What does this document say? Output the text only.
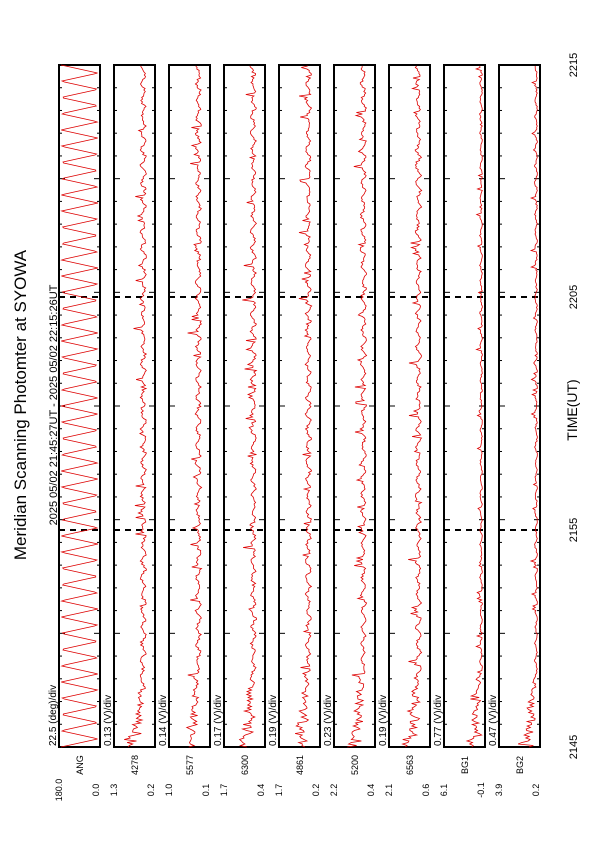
Meridian Scanning Photomter at SYOWA 2025 05/02 21:45:27UT - 2025 05/02 22:15:26UT
2145
2155
2205
2215
TIME(UT)
22.5 (deg)/div
180.0	0.0
ANG
0.13 (V)/div
1.3	0.2
4278
0.14 (V)/div
1.0	0.1
5577
0.17 (V)/div
1.7	0.4
6300
0.19 (V)/div
1.7	0.2
4861
0.23 (V)/div
2.2	0.4
5200
0.19 (V)/div
2.1	0.6
6563
0.77 (V)/div
6.1	-0.1
BG1
0.47 (V)/div
3.9	0.2
BG2
